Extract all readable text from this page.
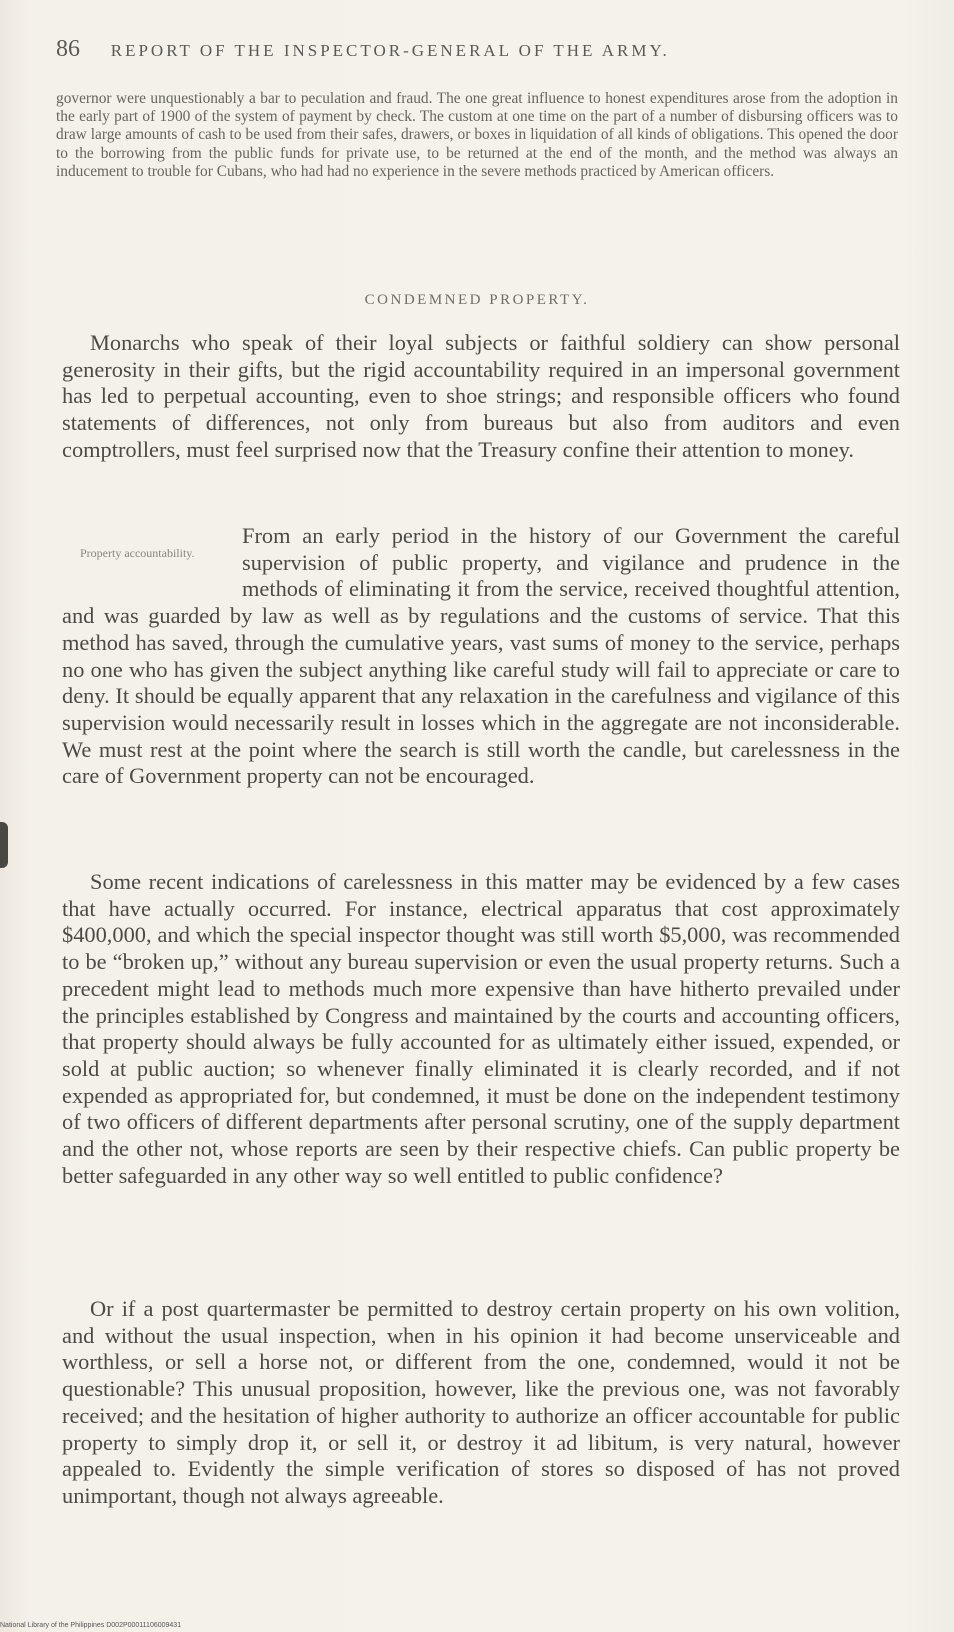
86 REPORT OF THE INSPECTOR-GENERAL OF THE ARMY.

governor were unquestionably a bar to peculation and fraud. The one great influence to honest expenditures arose from the adoption in the early part of 1900 of the system of payment by check. The custom at one time on the part of a number of disbursing officers was to draw large amounts of cash to be used from their safes, drawers, or boxes in liquidation of all kinds of obligations. This opened the door to the borrowing from the public funds for private use, to be returned at the end of the month, and the method was always an inducement to trouble for Cubans, who had had no experience in the severe methods practiced by American officers.

CONDEMNED PROPERTY.

Monarchs who speak of their loyal subjects or faithful soldiery can show personal generosity in their gifts, but the rigid accountability required in an impersonal government has led to perpetual accounting, even to shoe strings; and responsible officers who found statements of differences, not only from bureaus but also from auditors and even comptrollers, must feel surprised now that the Treasury confine their attention to money.

Property accountability.

From an early period in the history of our Government the careful supervision of public property, and vigilance and prudence in the methods of eliminating it from the service, received thoughtful attention, and was guarded by law as well as by regulations and the customs of service. That this method has saved, through the cumulative years, vast sums of money to the service, perhaps no one who has given the subject anything like careful study will fail to appreciate or care to deny. It should be equally apparent that any relaxation in the carefulness and vigilance of this supervision would necessarily result in losses which in the aggregate are not inconsiderable. We must rest at the point where the search is still worth the candle, but carelessness in the care of Government property can not be encouraged.

Some recent indications of carelessness in this matter may be evidenced by a few cases that have actually occurred. For instance, electrical apparatus that cost approximately $400,000, and which the special inspector thought was still worth $5,000, was recommended to be “broken up,” without any bureau supervision or even the usual property returns. Such a precedent might lead to methods much more expensive than have hitherto prevailed under the principles established by Congress and maintained by the courts and accounting officers, that property should always be fully accounted for as ultimately either issued, expended, or sold at public auction; so whenever finally eliminated it is clearly recorded, and if not expended as appropriated for, but condemned, it must be done on the independent testimony of two officers of different departments after personal scrutiny, one of the supply department and the other not, whose reports are seen by their respective chiefs. Can public property be better safeguarded in any other way so well entitled to public confidence?

Or if a post quartermaster be permitted to destroy certain property on his own volition, and without the usual inspection, when in his opinion it had become unserviceable and worthless, or sell a horse not, or different from the one, condemned, would it not be questionable? This unusual proposition, however, like the previous one, was not favorably received; and the hesitation of higher authority to authorize an officer accountable for public property to simply drop it, or sell it, or destroy it ad libitum, is very natural, however appealed to. Evidently the simple verification of stores so disposed of has not proved unimportant, though not always agreeable.

National Library of the Philippines D002P00011106009431
